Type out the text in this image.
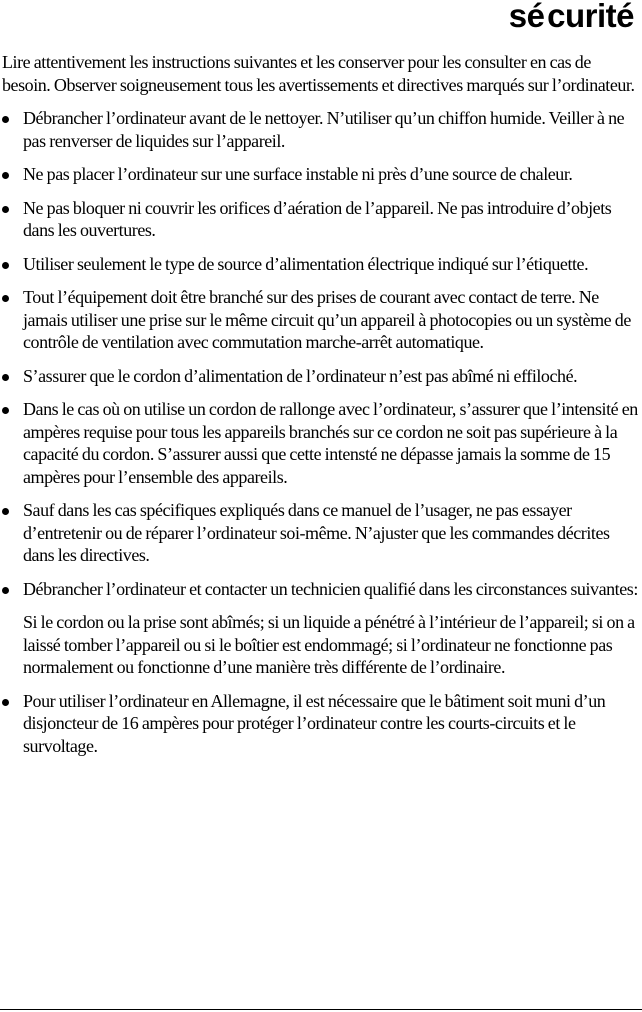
sé curité

Lire attentivement les instructions suivantes et les conserver pour les consulter en cas de besoin. Observer soigneusement tous les avertissements et directives marqués sur l’ordinateur.

Débrancher l’ordinateur avant de le nettoyer. N’utiliser qu’un chiffon humide. Veiller à ne pas renverser de liquides sur l’appareil.

Ne pas placer l’ordinateur sur une surface instable ni près d’une source de chaleur.

Ne pas bloquer ni couvrir les orifices d’aération de l’appareil. Ne pas introduire d’objets dans les ouvertures.

Utiliser seulement le type de source d’alimentation électrique indiqué sur l’étiquette.

Tout l’équipement doit être branché sur des prises de courant avec contact de terre. Ne jamais utiliser une prise sur le même circuit qu’un appareil à photocopies ou un système de contrôle de ventilation avec commutation marche-arrêt automatique.

S’assurer que le cordon d’alimentation de l’ordinateur n’est pas abîmé ni effiloché.

Dans le cas où on utilise un cordon de rallonge avec l’ordinateur, s’assurer que l’intensité en ampères requise pour tous les appareils branchés sur ce cordon ne soit pas supérieure à la capacité du cordon. S’assurer aussi que cette intensté ne dépasse jamais la somme de 15 ampères pour l’ensemble des appareils.

Sauf dans les cas spécifiques expliqués dans ce manuel de l’usager, ne pas essayer d’entretenir ou de réparer l’ordinateur soi-même. N’ajuster que les commandes décrites dans les directives.

Débrancher l’ordinateur et contacter un technicien qualifié dans les circonstances suivantes:

Si le cordon ou la prise sont abîmés; si un liquide a pénétré à l’intérieur de l’appareil; si on a laissé tomber l’appareil ou si le boîtier est endommagé; si l’ordinateur ne fonctionne pas normalement ou fonctionne d’une manière très différente de l’ordinaire.

Pour utiliser l’ordinateur en Allemagne, il est nécessaire que le bâtiment soit muni d’un disjoncteur de 16 ampères pour protéger l’ordinateur contre les courts-circuits et le survoltage.
